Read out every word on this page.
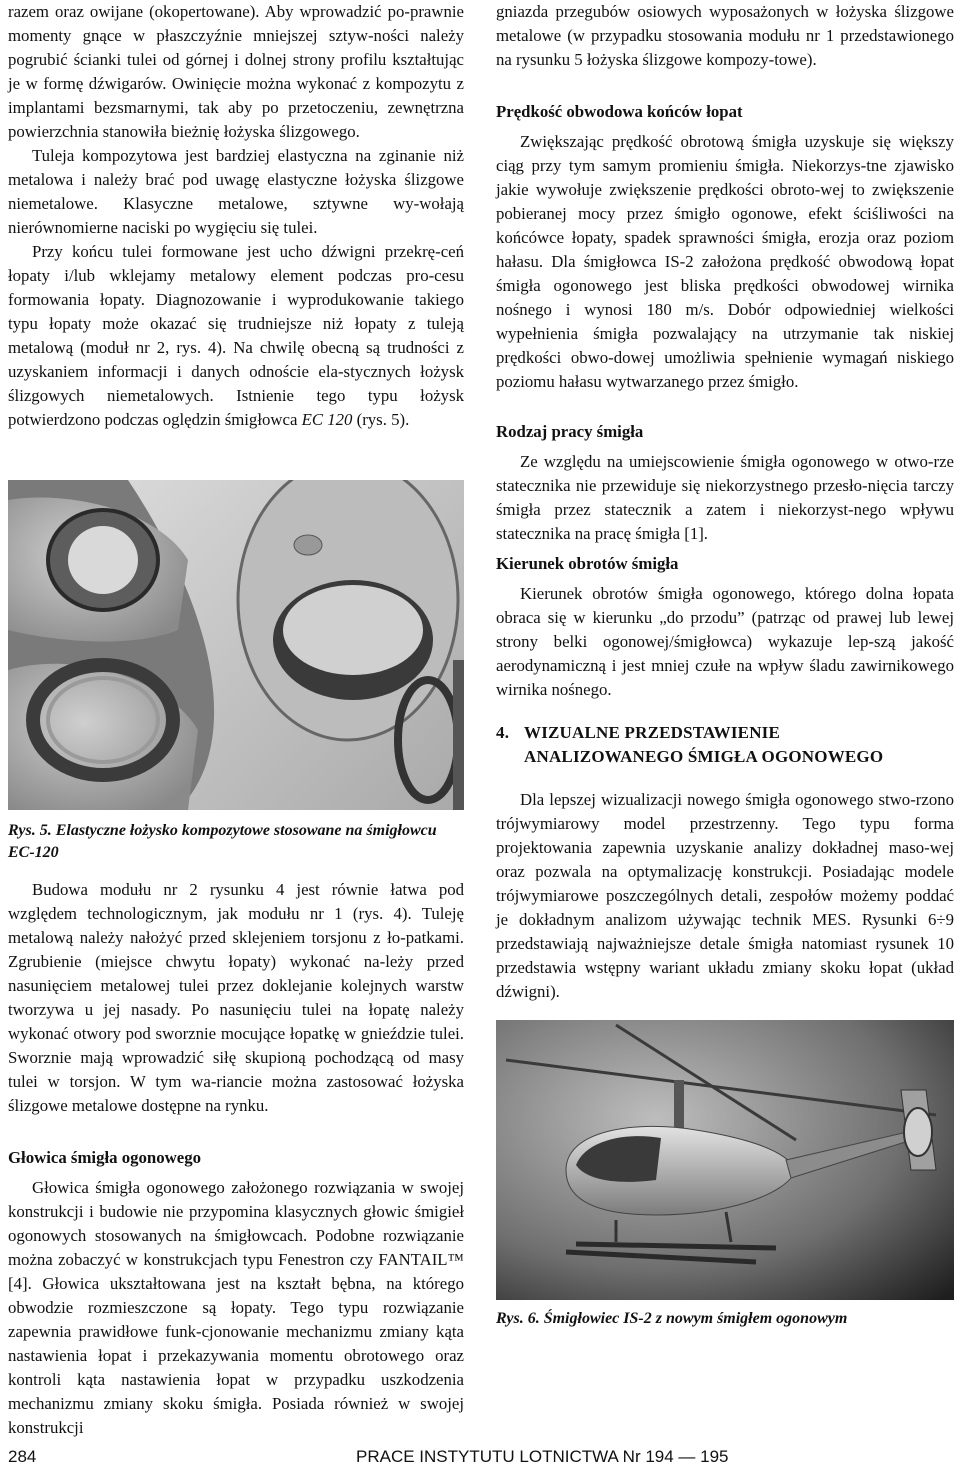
razem oraz owijane (okopertowane). Aby wprowadzić po-prawnie momenty gnące w płaszczyźnie mniejszej sztyw-ności należy pogrubić ścianki tulei od górnej i dolnej strony profilu kształtując je w formę dźwigarów. Owinięcie można wykonać z kompozytu z implantami bezsmarnymi, tak aby po przetoczeniu, zewnętrzna powierzchnia stanowiła bieżnię łożyska ślizgowego.

Tuleja kompozytowa jest bardziej elastyczna na zginanie niż metalowa i należy brać pod uwagę elastyczne łożyska ślizgowe niemetalowe. Klasyczne metalowe, sztywne wy-wołają nierównomierne naciski po wygięciu się tulei.

Przy końcu tulei formowane jest ucho dźwigni przekrę-ceń łopaty i/lub wklejamy metalowy element podczas pro-cesu formowania łopaty. Diagnozowanie i wyprodukowanie takiego typu łopaty może okazać się trudniejsze niż łopaty z tuleją metalową (moduł nr 2, rys. 4). Na chwilę obecną są trudności z uzyskaniem informacji i danych odnoście ela-stycznych łożysk ślizgowych niemetalowych. Istnienie tego typu łożysk potwierdzono podczas oględzin śmigłowca EC 120 (rys. 5).

Rys. 5. Elastyczne łożysko kompozytowe stosowane na śmigłowcu EC-120

Budowa modułu nr 2 rysunku 4 jest równie łatwa pod względem technologicznym, jak modułu nr 1 (rys. 4). Tuleję metalową należy nałożyć przed sklejeniem torsjonu z ło-patkami. Zgrubienie (miejsce chwytu łopaty) wykonać na-leży przed nasunięciem metalowej tulei przez doklejanie kolejnych warstw tworzywa u jej nasady. Po nasunięciu tulei na łopatę należy wykonać otwory pod sworznie mocujące łopatkę w gnieździe tulei. Sworznie mają wprowadzić siłę skupioną pochodzącą od masy tulei w torsjon. W tym wa-riancie można zastosować łożyska ślizgowe metalowe dostępne na rynku.

Głowica śmigła ogonowego

Głowica śmigła ogonowego założonego rozwiązania w swojej konstrukcji i budowie nie przypomina klasycznych głowic śmigieł ogonowych stosowanych na śmigłowcach. Podobne rozwiązanie można zobaczyć w konstrukcjach typu Fenestron czy FANTAIL™ [4]. Głowica ukształtowana jest na kształt bębna, na którego obwodzie rozmieszczone są łopaty. Tego typu rozwiązanie zapewnia prawidłowe funk-cjonowanie mechanizmu zmiany kąta nastawienia łopat i przekazywania momentu obrotowego oraz kontroli kąta nastawienia łopat w przypadku uszkodzenia mechanizmu zmiany skoku śmigła. Posiada również w swojej konstrukcji

gniazda przegubów osiowych wyposażonych w łożyska ślizgowe metalowe (w przypadku stosowania modułu nr 1 przedstawionego na rysunku 5 łożyska ślizgowe kompozy-towe).

Prędkość obwodowa końców łopat

Zwiększając prędkość obrotową śmigła uzyskuje się większy ciąg przy tym samym promieniu śmigła. Niekorzys-tne zjawisko jakie wywołuje zwiększenie prędkości obroto-wej to zwiększenie pobieranej mocy przez śmigło ogonowe, efekt ściśliwości na końcówce łopaty, spadek sprawności śmigła, erozja oraz poziom hałasu. Dla śmigłowca IS-2 założona prędkość obwodową łopat śmigła ogonowego jest bliska prędkości obwodowej wirnika nośnego i wynosi 180 m/s. Dobór odpowiedniej wielkości wypełnienia śmigła pozwalający na utrzymanie tak niskiej prędkości obwo-dowej umożliwia spełnienie wymagań niskiego poziomu hałasu wytwarzanego przez śmigło.

Rodzaj pracy śmigła

Ze względu na umiejscowienie śmigła ogonowego w otwo-rze statecznika nie przewiduje się niekorzystnego przesło-nięcia tarczy śmigła przez statecznik a zatem i niekorzyst-nego wpływu statecznika na pracę śmigła [1].

Kierunek obrotów śmigła

Kierunek obrotów śmigła ogonowego, którego dolna łopata obraca się w kierunku „do przodu” (patrząc od prawej lub lewej strony belki ogonowej/śmigłowca) wykazuje lep-szą jakość aerodynamiczną i jest mniej czułe na wpływ śladu zawirnikowego wirnika nośnego.

4. WIZUALNE PRZEDSTAWIENIE
ANALIZOWANEGO ŚMIGŁA OGONOWEGO

Dla lepszej wizualizacji nowego śmigła ogonowego stwo-rzono trójwymiarowy model przestrzenny. Tego typu forma projektowania zapewnia uzyskanie analizy dokładnej maso-wej oraz pozwala na optymalizację konstrukcji. Posiadając modele trójwymiarowe poszczególnych detali, zespołów możemy poddać je dokładnym analizom używając technik MES. Rysunki 6÷9 przedstawiają najważniejsze detale śmigła natomiast rysunek 10 przedstawia wstępny wariant układu zmiany skoku łopat (układ dźwigni).

Rys. 6. Śmigłowiec IS-2 z nowym śmigłem ogonowym

284	PRACE INSTYTUTU LOTNICTWA Nr 194 — 195
